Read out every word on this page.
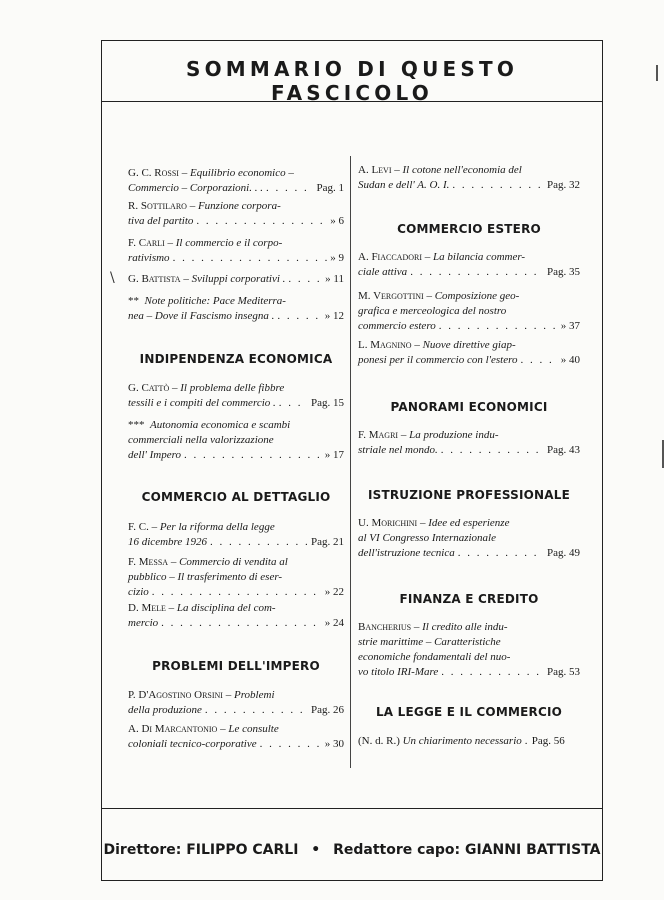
SOMMARIO DI QUESTO FASCICOLO
\
G. C. Rossi – Equilibrio economico –
Commercio – Corporazioni. . . . . .	Pag. 1
R. Sottilaro – Funzione corpora-
tiva del partito . . .	» 6
F. Carli – Il commercio e il corpo-
rativismo . . .	» 9
G. Battista – Sviluppi corporativi . . . .	» 11
** Note politiche: Pace Mediterra-
nea – Dove il Fascismo insegna . . . .	» 12
INDIPENDENZA ECONOMICA
G. Cattò – Il problema delle fibbre
tessili e i compiti del commercio . . . .	Pag. 15
*** Autonomia economica e scambi
commerciali nella valorizzazione
dell' Impero . . .	» 17
COMMERCIO AL DETTAGLIO
F. C. – Per la riforma della legge
16 dicembre 1926 . . .	Pag. 21
F. Messa – Commercio di vendita al
pubblico – Il trasferimento di eser-
cizio . . .	» 22
D. Mele – La disciplina del com-
mercio . . .	» 24
PROBLEMI DELL'IMPERO
P. D'Agostino Orsini – Problemi
della produzione . . .	Pag. 26
A. Di Marcantonio – Le consulte
coloniali tecnico-corporative . . .	» 30
A. Levi – Il cotone nell'economia del
Sudan e dell' A. O. I. . . .	Pag. 32
COMMERCIO ESTERO
A. Fiaccadori – La bilancia commer-
ciale attiva . . .	Pag. 35
M. Vergottini – Composizione geo-
grafica e merceologica del nostro
commercio estero . . .	» 37
L. Magnino – Nuove direttive giap-
ponesi per il commercio con l'estero . . .	» 40
PANORAMI ECONOMICI
F. Magri – La produzione indu-
striale nel mondo. . . .	Pag. 43
ISTRUZIONE PROFESSIONALE
U. Morichini – Idee ed esperienze
al VI Congresso Internazionale
dell'istruzione tecnica . . .	Pag. 49
FINANZA E CREDITO
Bancherius – Il credito alle indu-
strie marittime – Caratteristiche
economiche fondamentali del nuo-
vo titolo IRI-Mare . . .	Pag. 53
LA LEGGE E IL COMMERCIO
(N. d. R.)
Un chiarimento necessario . . . Pag. 56
Direttore: FILIPPO CARLI • Redattore capo: GIANNI BATTISTA
